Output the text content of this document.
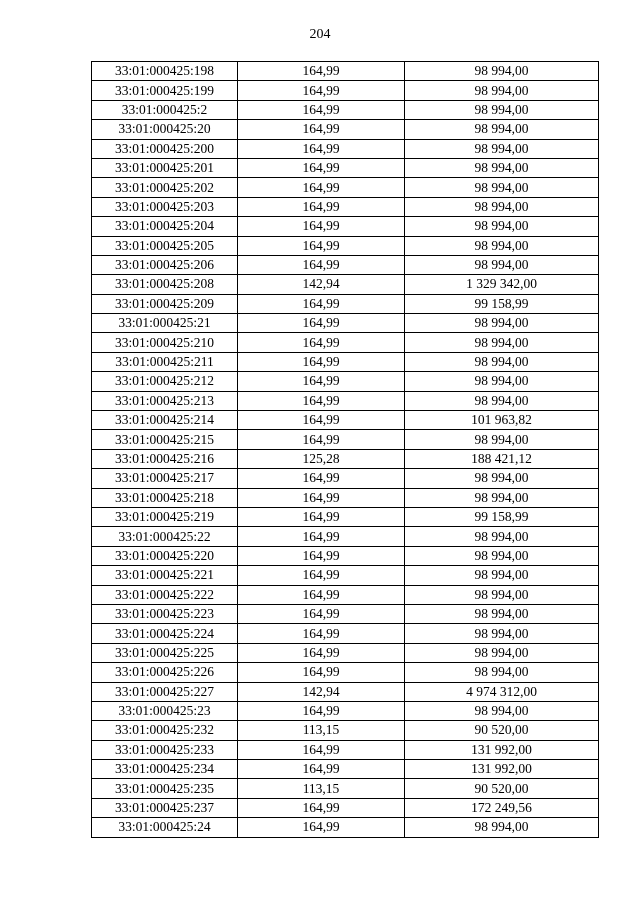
204
33:01:000425:198	164,99	98 994,00
33:01:000425:199	164,99	98 994,00
33:01:000425:2	164,99	98 994,00
33:01:000425:20	164,99	98 994,00
33:01:000425:200	164,99	98 994,00
33:01:000425:201	164,99	98 994,00
33:01:000425:202	164,99	98 994,00
33:01:000425:203	164,99	98 994,00
33:01:000425:204	164,99	98 994,00
33:01:000425:205	164,99	98 994,00
33:01:000425:206	164,99	98 994,00
33:01:000425:208	142,94	1 329 342,00
33:01:000425:209	164,99	99 158,99
33:01:000425:21	164,99	98 994,00
33:01:000425:210	164,99	98 994,00
33:01:000425:211	164,99	98 994,00
33:01:000425:212	164,99	98 994,00
33:01:000425:213	164,99	98 994,00
33:01:000425:214	164,99	101 963,82
33:01:000425:215	164,99	98 994,00
33:01:000425:216	125,28	188 421,12
33:01:000425:217	164,99	98 994,00
33:01:000425:218	164,99	98 994,00
33:01:000425:219	164,99	99 158,99
33:01:000425:22	164,99	98 994,00
33:01:000425:220	164,99	98 994,00
33:01:000425:221	164,99	98 994,00
33:01:000425:222	164,99	98 994,00
33:01:000425:223	164,99	98 994,00
33:01:000425:224	164,99	98 994,00
33:01:000425:225	164,99	98 994,00
33:01:000425:226	164,99	98 994,00
33:01:000425:227	142,94	4 974 312,00
33:01:000425:23	164,99	98 994,00
33:01:000425:232	113,15	90 520,00
33:01:000425:233	164,99	131 992,00
33:01:000425:234	164,99	131 992,00
33:01:000425:235	113,15	90 520,00
33:01:000425:237	164,99	172 249,56
33:01:000425:24	164,99	98 994,00
